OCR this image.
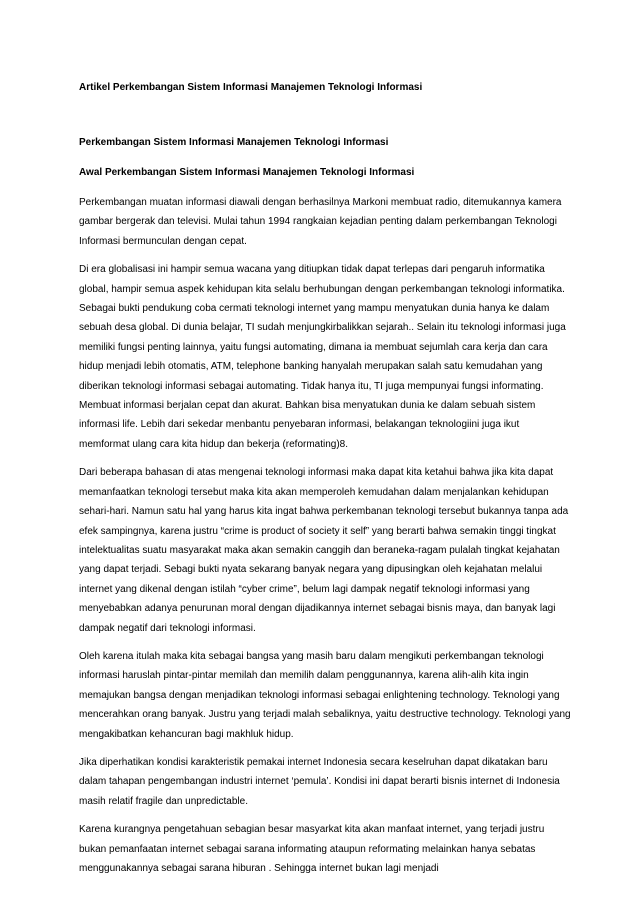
Artikel Perkembangan Sistem Informasi Manajemen Teknologi Informasi
Perkembangan Sistem Informasi Manajemen Teknologi Informasi
Awal Perkembangan Sistem Informasi Manajemen Teknologi Informasi

Perkembangan muatan informasi diawali dengan berhasilnya Markoni membuat radio, ditemukannya kamera gambar bergerak dan televisi. Mulai tahun 1994 rangkaian kejadian penting dalam perkembangan Teknologi Informasi bermunculan dengan cepat.

Di era globalisasi ini hampir semua wacana yang ditiupkan tidak dapat terlepas dari pengaruh informatika global, hampir semua aspek kehidupan kita selalu berhubungan dengan perkembangan teknologi informatika. Sebagai bukti pendukung coba cermati teknologi internet yang mampu menyatukan dunia hanya ke dalam sebuah desa global. Di dunia belajar, TI sudah menjungkirbalikkan sejarah.. Selain itu teknologi informasi juga memiliki fungsi penting lainnya, yaitu fungsi automating, dimana ia membuat sejumlah cara kerja dan cara hidup menjadi lebih otomatis, ATM, telephone banking hanyalah merupakan salah satu kemudahan yang diberikan teknologi informasi sebagai automating. Tidak hanya itu, TI juga mempunyai fungsi informating. Membuat informasi berjalan cepat dan akurat. Bahkan bisa menyatukan dunia ke dalam sebuah sistem informasi life. Lebih dari sekedar menbantu penyebaran informasi, belakangan teknologiini juga ikut memformat ulang cara kita hidup dan bekerja (reformating)8.

Dari beberapa bahasan di atas mengenai teknologi informasi maka dapat kita ketahui bahwa jika kita dapat memanfaatkan teknologi tersebut maka kita akan memperoleh kemudahan dalam menjalankan kehidupan sehari-hari. Namun satu hal yang harus kita ingat bahwa perkembanan teknologi tersebut bukannya tanpa ada efek sampingnya, karena justru “crime is product of society it self” yang berarti bahwa semakin tinggi tingkat intelektualitas suatu masyarakat maka akan semakin canggih dan beraneka-ragam pulalah tingkat kejahatan yang dapat terjadi. Sebagi bukti nyata sekarang banyak negara yang dipusingkan oleh kejahatan melalui internet yang dikenal dengan istilah “cyber crime”, belum lagi dampak negatif teknologi informasi yang menyebabkan adanya penurunan moral dengan dijadikannya internet sebagai bisnis maya, dan banyak lagi dampak negatif dari teknologi informasi.

Oleh karena itulah maka kita sebagai bangsa yang masih baru dalam mengikuti perkembangan teknologi informasi haruslah pintar-pintar memilah dan memilih dalam penggunannya, karena alih-alih kita ingin memajukan bangsa dengan menjadikan teknologi informasi sebagai enlightening technology. Teknologi yang mencerahkan orang banyak. Justru yang terjadi malah sebaliknya, yaitu destructive technology. Teknologi yang mengakibatkan kehancuran bagi makhluk hidup.

Jika diperhatikan kondisi karakteristik pemakai internet Indonesia secara keselruhan dapat dikatakan baru dalam tahapan pengembangan industri internet ‘pemula’. Kondisi ini dapat berarti bisnis internet di Indonesia masih relatif fragile dan unpredictable.

Karena kurangnya pengetahuan sebagian besar masyarkat kita akan manfaat internet, yang terjadi justru bukan pemanfaatan internet sebagai sarana informating ataupun reformating melainkan hanya sebatas menggunakannya sebagai sarana hiburan . Sehingga internet bukan lagi menjadi
